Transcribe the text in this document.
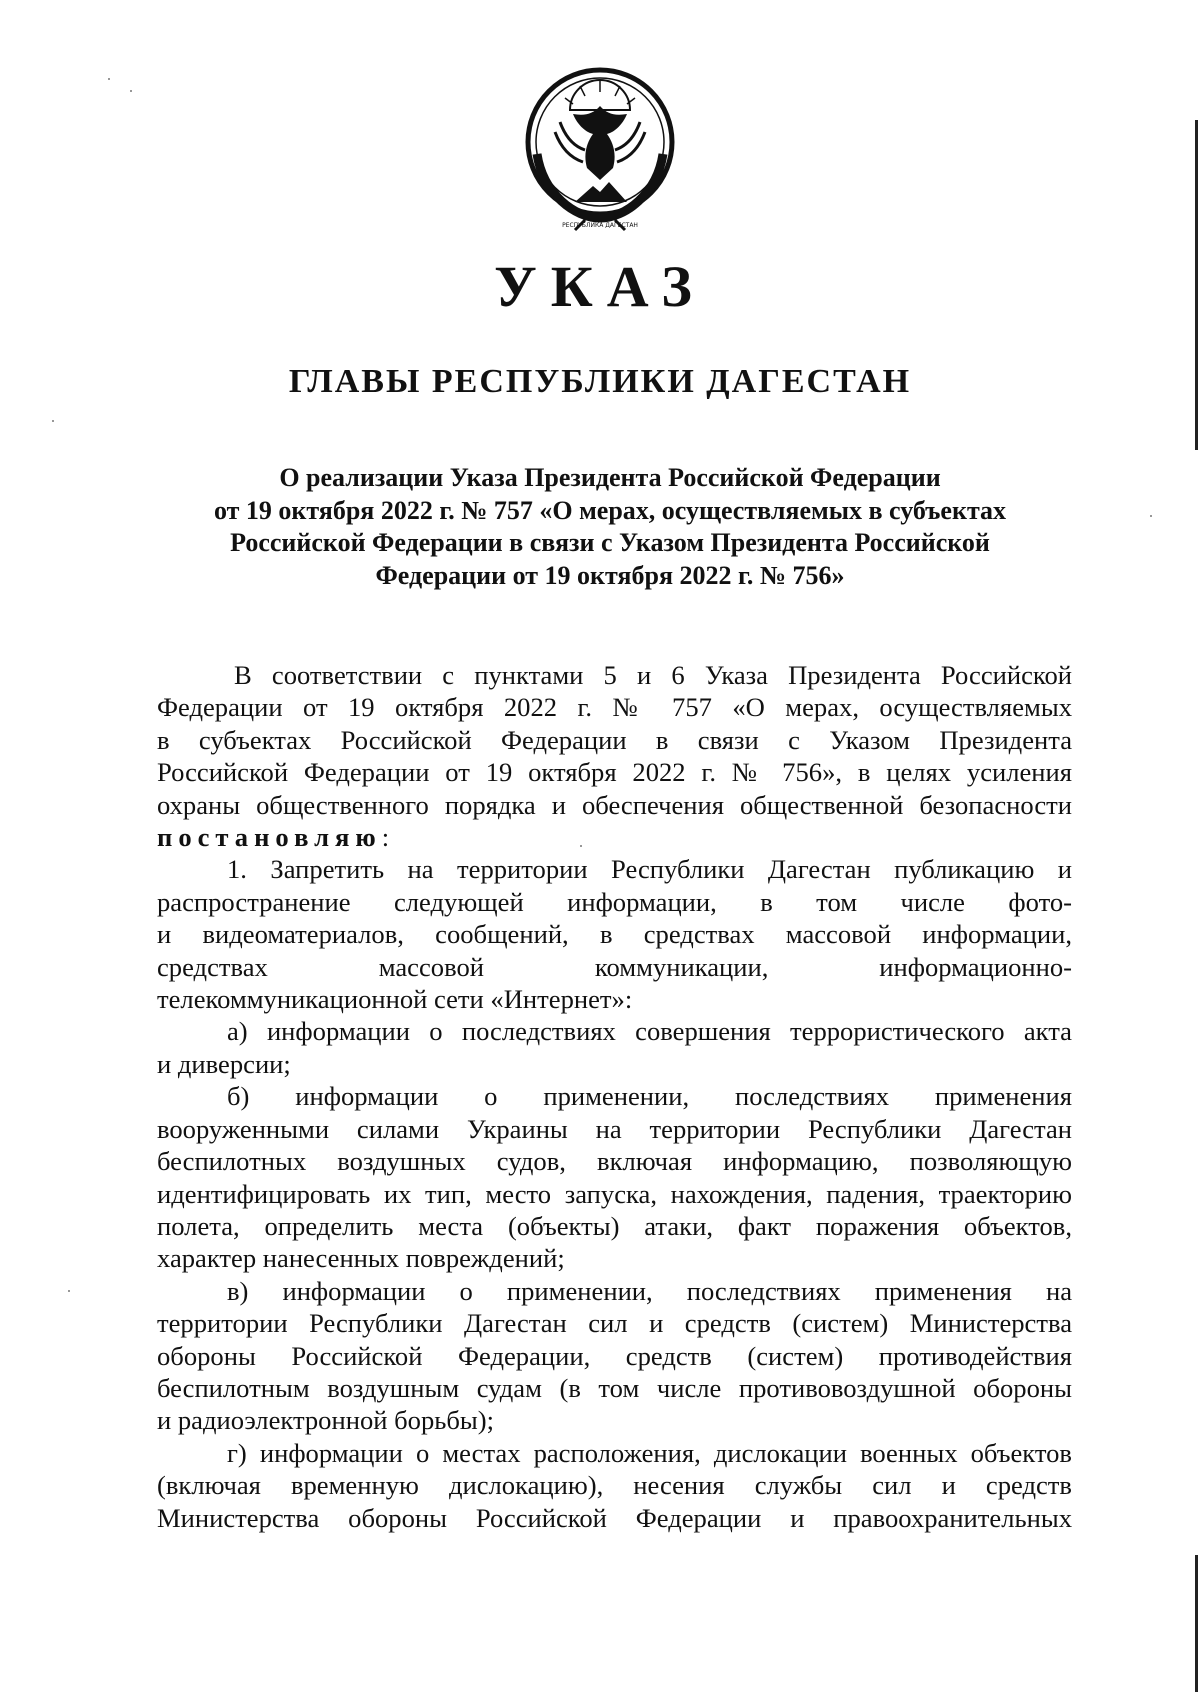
РЕСПУБЛИКА ДАГЕСТАН
УКАЗ
ГЛАВЫ РЕСПУБЛИКИ ДАГЕСТАН
О реализации Указа Президента Российской Федерации
от 19 октября 2022 г. № 757 «О мерах, осуществляемых в субъектах
Российской Федерации в связи с Указом Президента Российской
Федерации от 19 октября 2022 г. № 756»
В соответствии с пунктами 5 и 6 Указа Президента Российской
Федерации от 19 октября 2022 г. № 757 «О мерах, осуществляемых
в субъектах Российской Федерации в связи с Указом Президента
Российской Федерации от 19 октября 2022 г. № 756», в целях усиления
охраны общественного порядка и обеспечения общественной безопасности
постановляю:
1. Запретить на территории Республики Дагестан публикацию и
распространение следующей информации, в том числе фото-
и видеоматериалов, сообщений, в средствах массовой информации,
средствах массовой коммуникации, информационно-
телекоммуникационной сети «Интернет»:
а) информации о последствиях совершения террористического акта
и диверсии;
б) информации о применении, последствиях применения
вооруженными силами Украины на территории Республики Дагестан
беспилотных воздушных судов, включая информацию, позволяющую
идентифицировать их тип, место запуска, нахождения, падения, траекторию
полета, определить места (объекты) атаки, факт поражения объектов,
характер нанесенных повреждений;
в) информации о применении, последствиях применения на
территории Республики Дагестан сил и средств (систем) Министерства
обороны Российской Федерации, средств (систем) противодействия
беспилотным воздушным судам (в том числе противовоздушной обороны
и радиоэлектронной борьбы);
г) информации о местах расположения, дислокации военных объектов
(включая временную дислокацию), несения службы сил и средств
Министерства обороны Российской Федерации и правоохранительных
